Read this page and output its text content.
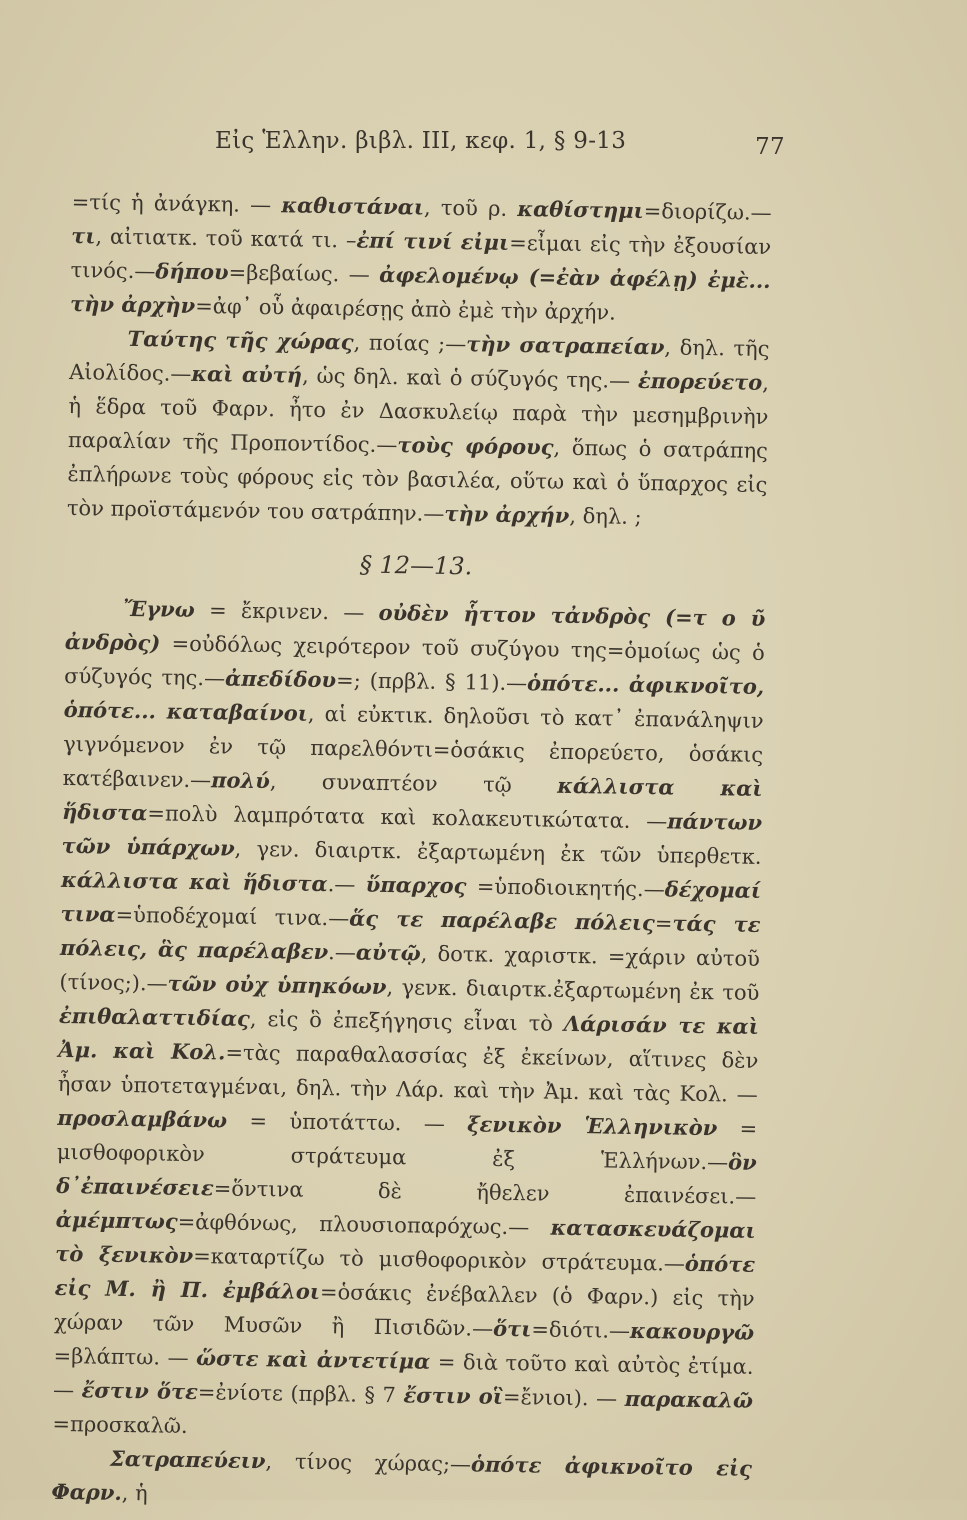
Εἰς Ἑλλην. βιβλ. ΙΙΙ, κεφ. 1, § 9-13	77

=τίς ἡ ἀνάγκη. — καθιστάναι, τοῦ ρ. καθίστημι=διορίζω.— τι, αἰτιατκ. τοῦ κατά τι. –ἐπί τινί εἰμι=εἶμαι εἰς τὴν ἐξουσίαν τινός.—δήπου=βεβαίως. — ἀφελομένῳ (=ἐὰν ἀφέλῃ) ἐμὲ... τὴν ἀρχὴν=ἀφ᾽ οὗ ἀφαιρέσῃς ἀπὸ ἐμὲ τὴν ἀρχήν.

Ταύτης τῆς χώρας, ποίας ;—τὴν σατραπείαν, δηλ. τῆς Αἰολίδος.—καὶ αὐτή, ὡς δηλ. καὶ ὁ σύζυγός της.— ἐπορεύετο, ἡ ἕδρα τοῦ Φαρν. ἦτο ἐν Δασκυλείῳ παρὰ τὴν μεσημβρινὴν παραλίαν τῆς Προποντίδος.—τοὺς φόρους, ὅπως ὁ σατράπης ἐπλήρωνε τοὺς φόρους εἰς τὸν βασιλέα, οὕτω καὶ ὁ ὕπαρχος εἰς τὸν προϊστάμενόν του σατράπην.—τὴν ἀρχήν, δηλ. ;

§ 12—13.

Ἔγνω = ἔκρινεν. — οὐδὲν ἧττον τἀνδρὸς (=τ ο ῦ ἀνδρὸς) =οὐδόλως χειρότερον τοῦ συζύγου της=ὁμοίως ὡς ὁ σύζυγός της.—ἀπεδίδου=; (πρβλ. § 11).—ὁπότε... ἀφικνοῖτο, ὁπότε... καταβαίνοι, αἱ εὐκτικ. δηλοῦσι τὸ κατ᾽ ἐπανάληψιν γιγνόμενον ἐν τῷ παρελθόντι=ὁσάκις ἐπορεύετο, ὁσάκις κατέβαινεν.—πολύ, συναπτέον τῷ κάλλιστα καὶ ἥδιστα=πολὺ λαμπρότατα καὶ κολακευτικώτατα. —πάντων τῶν ὑπάρχων, γεν. διαιρτκ. ἐξαρτωμένη ἐκ τῶν ὑπερθετκ. κάλλιστα καὶ ἥδιστα.— ὕπαρχος =ὑποδιοικητής.—δέχομαί τινα=ὑποδέχομαί τινα.—ἅς τε παρέλαβε πόλεις=τάς τε πόλεις, ἃς παρέλαβεν.—αὐτῷ, δοτκ. χαριστκ. =χάριν αὐτοῦ (τίνος;).—τῶν οὐχ ὑπηκόων, γενκ. διαιρτκ.ἐξαρτωμένη ἐκ τοῦ ἐπιθαλαττιδίας, εἰς ὃ ἐπεξήγησις εἶναι τὸ Λάρισάν τε καὶ Ἀμ. καὶ Κολ.=τὰς παραθαλασσίας ἐξ ἐκείνων, αἵτινες δὲν ἦσαν ὑποτεταγμέναι, δηλ. τὴν Λάρ. καὶ τὴν Ἀμ. καὶ τὰς Κολ. — προσλαμβάνω = ὑποτάττω. — ξενικὸν Ἑλληνικὸν = μισθοφορικὸν στράτευμα ἐξ Ἑλλήνων.—ὃν δ᾽ἐπαινέσειε=ὅντινα δὲ ἤθελεν ἐπαινέσει.—ἀμέμπτως=ἀφθόνως, πλουσιοπαρόχως.— κατασκευάζομαι τὸ ξενικὸν=καταρτίζω τὸ μισθοφορικὸν στράτευμα.—ὁπότε εἰς Μ. ἢ Π. ἐμβάλοι=ὁσάκις ἐνέβαλλεν (ὁ Φαρν.) εἰς τὴν χώραν τῶν Μυσῶν ἢ Πισιδῶν.—ὅτι=διότι.—κακουργῶ =βλάπτω. — ὥστε καὶ ἀντετίμα = διὰ τοῦτο καὶ αὐτὸς ἐτίμα. — ἔστιν ὅτε=ἐνίοτε (πρβλ. § 7 ἔστιν οἳ=ἔνιοι). — παρακαλῶ =προσκαλῶ.

Σατραπεύειν, τίνος χώρας;—ὁπότε ἀφικνοῖτο εἰς Φαρν., ἡ
